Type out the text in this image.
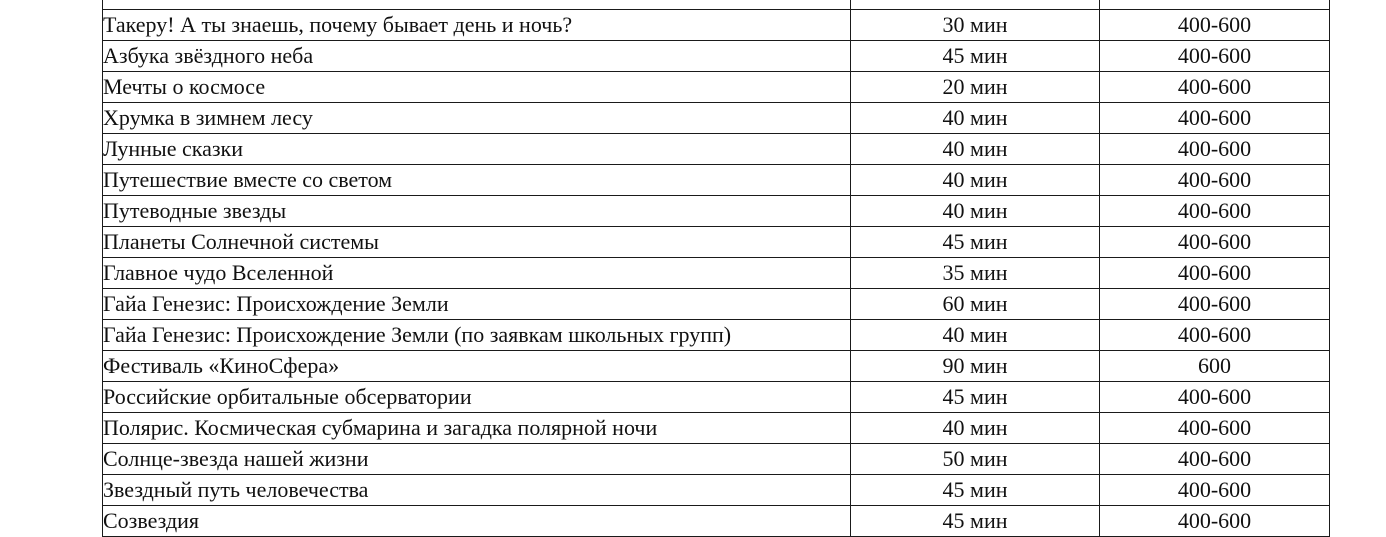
Такеру! А ты знаешь, почему бывает день и ночь?	30 мин	400-600
Азбука звёздного неба	45 мин	400-600
Мечты о космосе	20 мин	400-600
Хрумка в зимнем лесу	40 мин	400-600
Лунные сказки	40 мин	400-600
Путешествие вместе со светом	40 мин	400-600
Путеводные звезды	40 мин	400-600
Планеты Солнечной системы	45 мин	400-600
Главное чудо Вселенной	35 мин	400-600
Гайа Генезис: Происхождение Земли	60 мин	400-600
Гайа Генезис: Происхождение Земли (по заявкам школьных групп)	40 мин	400-600
Фестиваль «КиноСфера»	90 мин	600
Российские орбитальные обсерватории	45 мин	400-600
Полярис. Космическая субмарина и загадка полярной ночи	40 мин	400-600
Солнце-звезда нашей жизни	50 мин	400-600
Звездный путь человечества	45 мин	400-600
Созвездия	45 мин	400-600
